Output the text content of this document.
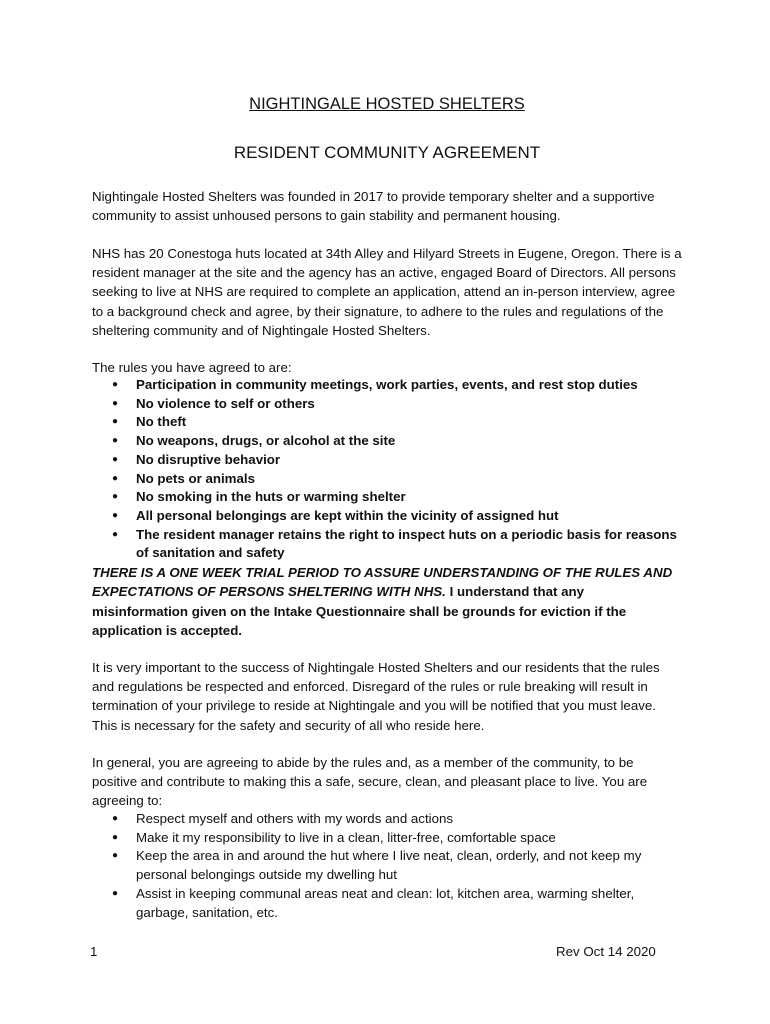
NIGHTINGALE HOSTED SHELTERS
RESIDENT COMMUNITY AGREEMENT

Nightingale Hosted Shelters was founded in 2017 to provide temporary shelter and a supportive community to assist unhoused persons to gain stability and permanent housing.

NHS has 20 Conestoga huts located at 34th Alley and Hilyard Streets in Eugene, Oregon. There is a resident manager at the site and the agency has an active, engaged Board of Directors. All persons seeking to live at NHS are required to complete an application, attend an in-person interview, agree to a background check and agree, by their signature, to adhere to the rules and regulations of the sheltering community and of Nightingale Hosted Shelters.

The rules you have agreed to are:

● Participation in community meetings, work parties, events, and rest stop duties
● No violence to self or others
● No theft
● No weapons, drugs, or alcohol at the site
● No disruptive behavior
● No pets or animals
● No smoking in the huts or warming shelter
● All personal belongings are kept within the vicinity of assigned hut
● The resident manager retains the right to inspect huts on a periodic basis for reasons of sanitation and safety

THERE IS A ONE WEEK TRIAL PERIOD TO ASSURE UNDERSTANDING OF THE RULES AND EXPECTATIONS OF PERSONS SHELTERING WITH NHS. I understand that any misinformation given on the Intake Questionnaire shall be grounds for eviction if the application is accepted.

It is very important to the success of Nightingale Hosted Shelters and our residents that the rules and regulations be respected and enforced. Disregard of the rules or rule breaking will result in termination of your privilege to reside at Nightingale and you will be notified that you must leave. This is necessary for the safety and security of all who reside here.

In general, you are agreeing to abide by the rules and, as a member of the community, to be positive and contribute to making this a safe, secure, clean, and pleasant place to live. You are agreeing to:

● Respect myself and others with my words and actions
● Make it my responsibility to live in a clean, litter-free, comfortable space
● Keep the area in and around the hut where I live neat, clean, orderly, and not keep my personal belongings outside my dwelling hut
● Assist in keeping communal areas neat and clean: lot, kitchen area, warming shelter, garbage, sanitation, etc.
1	Rev Oct 14 2020
